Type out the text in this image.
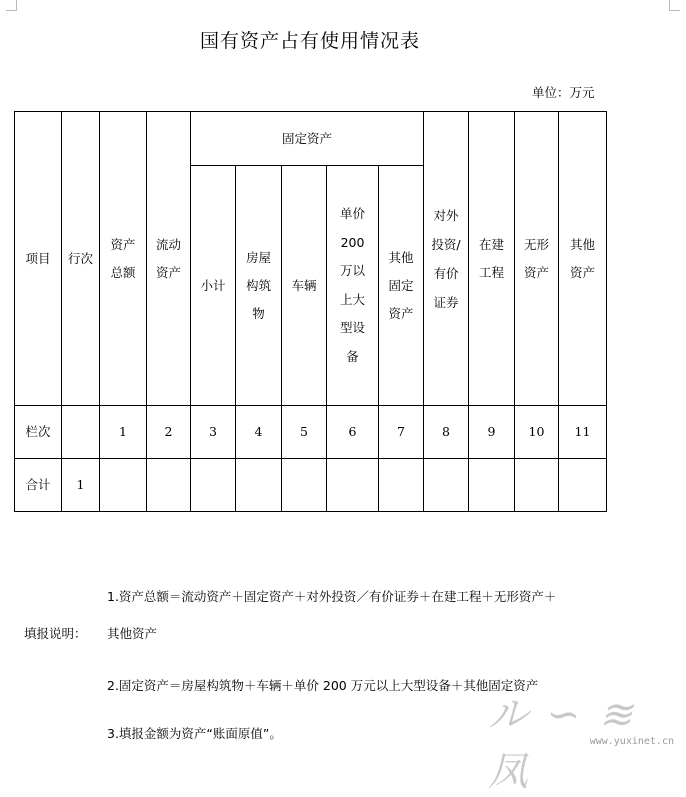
国有资产占有使用情况表
单位：万元
项目	行次	资产总额	流动资产	固定资产					对外投资/有价证券	在建工程	无形资产	其他资产
				小计	房屋构筑物	车辆	单价200万以上大型设备	其他固定资产				
栏次		1	2	3	4	5	6	7	8	9	10	11
合计	1											
1.资产总额＝流动资产＋固定资产＋对外投资／有价证券＋在建工程＋无形资产＋
填报说明： 其他资产
2.固定资产＝房屋构筑物＋车辆＋单价 200 万元以上大型设备＋其他固定资产
3.填报金额为资产“账面原值”。	ル ∽ ≋ 凤
www.yuxinet.cn
